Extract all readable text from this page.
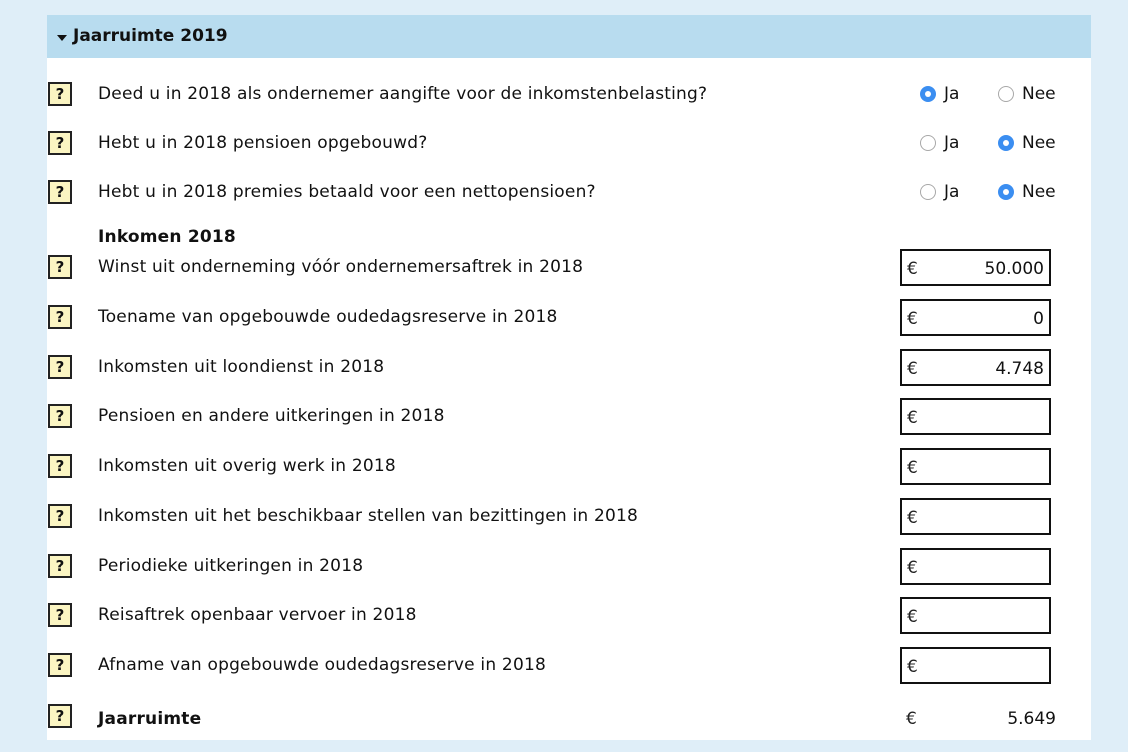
Jaarruimte 2019
?	Deed u in 2018 als ondernemer aangifte voor de inkomstenbelasting?	Ja	Nee
?	Hebt u in 2018 pensioen opgebouwd?	Ja	Nee
?	Hebt u in 2018 premies betaald voor een nettopensioen?	Ja	Nee
Inkomen 2018
?	Winst uit onderneming vóór ondernemersaftrek in 2018	€	50.000
?	Toename van opgebouwde oudedagsreserve in 2018	€	0
?	Inkomsten uit loondienst in 2018	€	4.748
?	Pensioen en andere uitkeringen in 2018	€
?	Inkomsten uit overig werk in 2018	€
?	Inkomsten uit het beschikbaar stellen van bezittingen in 2018	€
?	Periodieke uitkeringen in 2018	€
?	Reisaftrek openbaar vervoer in 2018	€
?	Afname van opgebouwde oudedagsreserve in 2018	€
?	Jaarruimte	€	5.649
